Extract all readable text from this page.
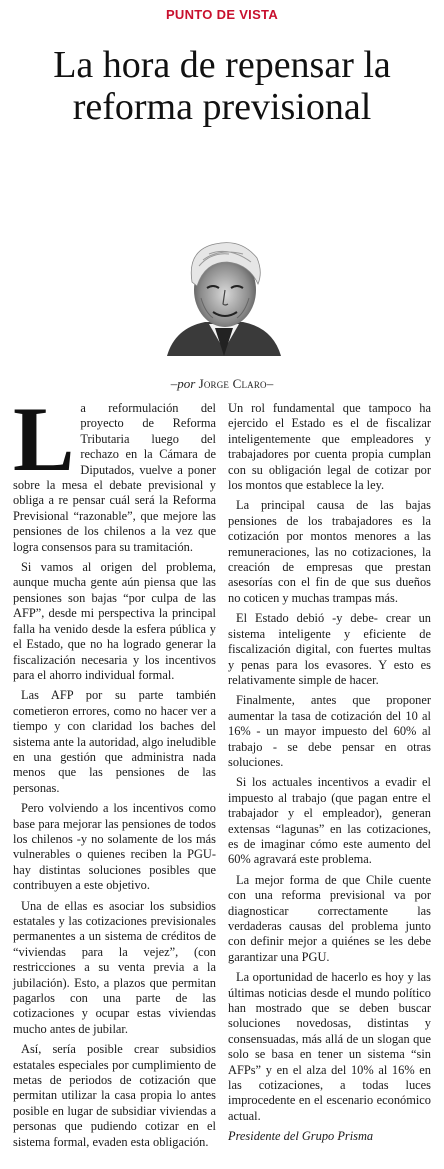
PUNTO DE VISTA
La hora de repensar la reforma previsional
–por Jorge Claro–

La reformulación del proyecto de Reforma Tributaria luego del rechazo en la Cámara de Diputados, vuelve a poner sobre la mesa el debate previsional y obliga a re pensar cuál será la Reforma Previsional “razonable”, que mejore las pensiones de los chilenos a la vez que logra consensos para su tramitación.

Si vamos al origen del problema, aunque mucha gente aún piensa que las pensiones son bajas “por culpa de las AFP”, desde mi perspectiva la principal falla ha venido desde la esfera pública y el Estado, que no ha logrado generar la fiscalización necesaria y los incentivos para el ahorro individual formal.

Las AFP por su parte también cometieron errores, como no hacer ver a tiempo y con claridad los baches del sistema ante la autoridad, algo ineludible en una gestión que administra nada menos que las pensiones de las personas.

Pero volviendo a los incentivos como base para mejorar las pensiones de todos los chilenos -y no solamente de los más vulnerables o quienes reciben la PGU- hay distintas soluciones posibles que contribuyen a este objetivo.

Una de ellas es asociar los subsidios estatales y las cotizaciones previsionales permanentes a un sistema de créditos de “viviendas para la vejez”, (con restricciones a su venta previa a la jubilación). Esto, a plazos que permitan pagarlos con una parte de las cotizaciones y ocupar estas viviendas mucho antes de jubilar.

Así, sería posible crear subsidios estatales especiales por cumplimiento de metas de periodos de cotización que permitan utilizar la casa propia lo antes posible en lugar de subsidiar viviendas a personas que pudiendo cotizar en el sistema formal, evaden esta obligación.

Un rol fundamental que tampoco ha ejercido el Estado es el de fiscalizar inteligentemente que empleadores y trabajadores por cuenta propia cumplan con su obligación legal de cotizar por los montos que establece la ley.

La principal causa de las bajas pensiones de los trabajadores es la cotización por montos menores a las remuneraciones, las no cotizaciones, la creación de empresas que prestan asesorías con el fin de que sus dueños no coticen y muchas trampas más.

El Estado debió -y debe- crear un sistema inteligente y eficiente de fiscalización digital, con fuertes multas y penas para los evasores. Y esto es relativamente simple de hacer.

Finalmente, antes que proponer aumentar la tasa de cotización del 10 al 16% - un mayor impuesto del 60% al trabajo - se debe pensar en otras soluciones.

Si los actuales incentivos a evadir el impuesto al trabajo (que pagan entre el trabajador y el empleador), generan extensas “lagunas” en las cotizaciones, es de imaginar cómo este aumento del 60% agravará este problema.

La mejor forma de que Chile cuente con una reforma previsional va por diagnosticar correctamente las verdaderas causas del problema junto con definir mejor a quiénes se les debe garantizar una PGU.

La oportunidad de hacerlo es hoy y las últimas noticias desde el mundo político han mostrado que se deben buscar soluciones novedosas, distintas y consensuadas, más allá de un slogan que solo se basa en tener un sistema “sin AFPs” y en el alza del 10% al 16% en las cotizaciones, a todas luces improcedente en el escenario económico actual.

Presidente del Grupo Prisma
